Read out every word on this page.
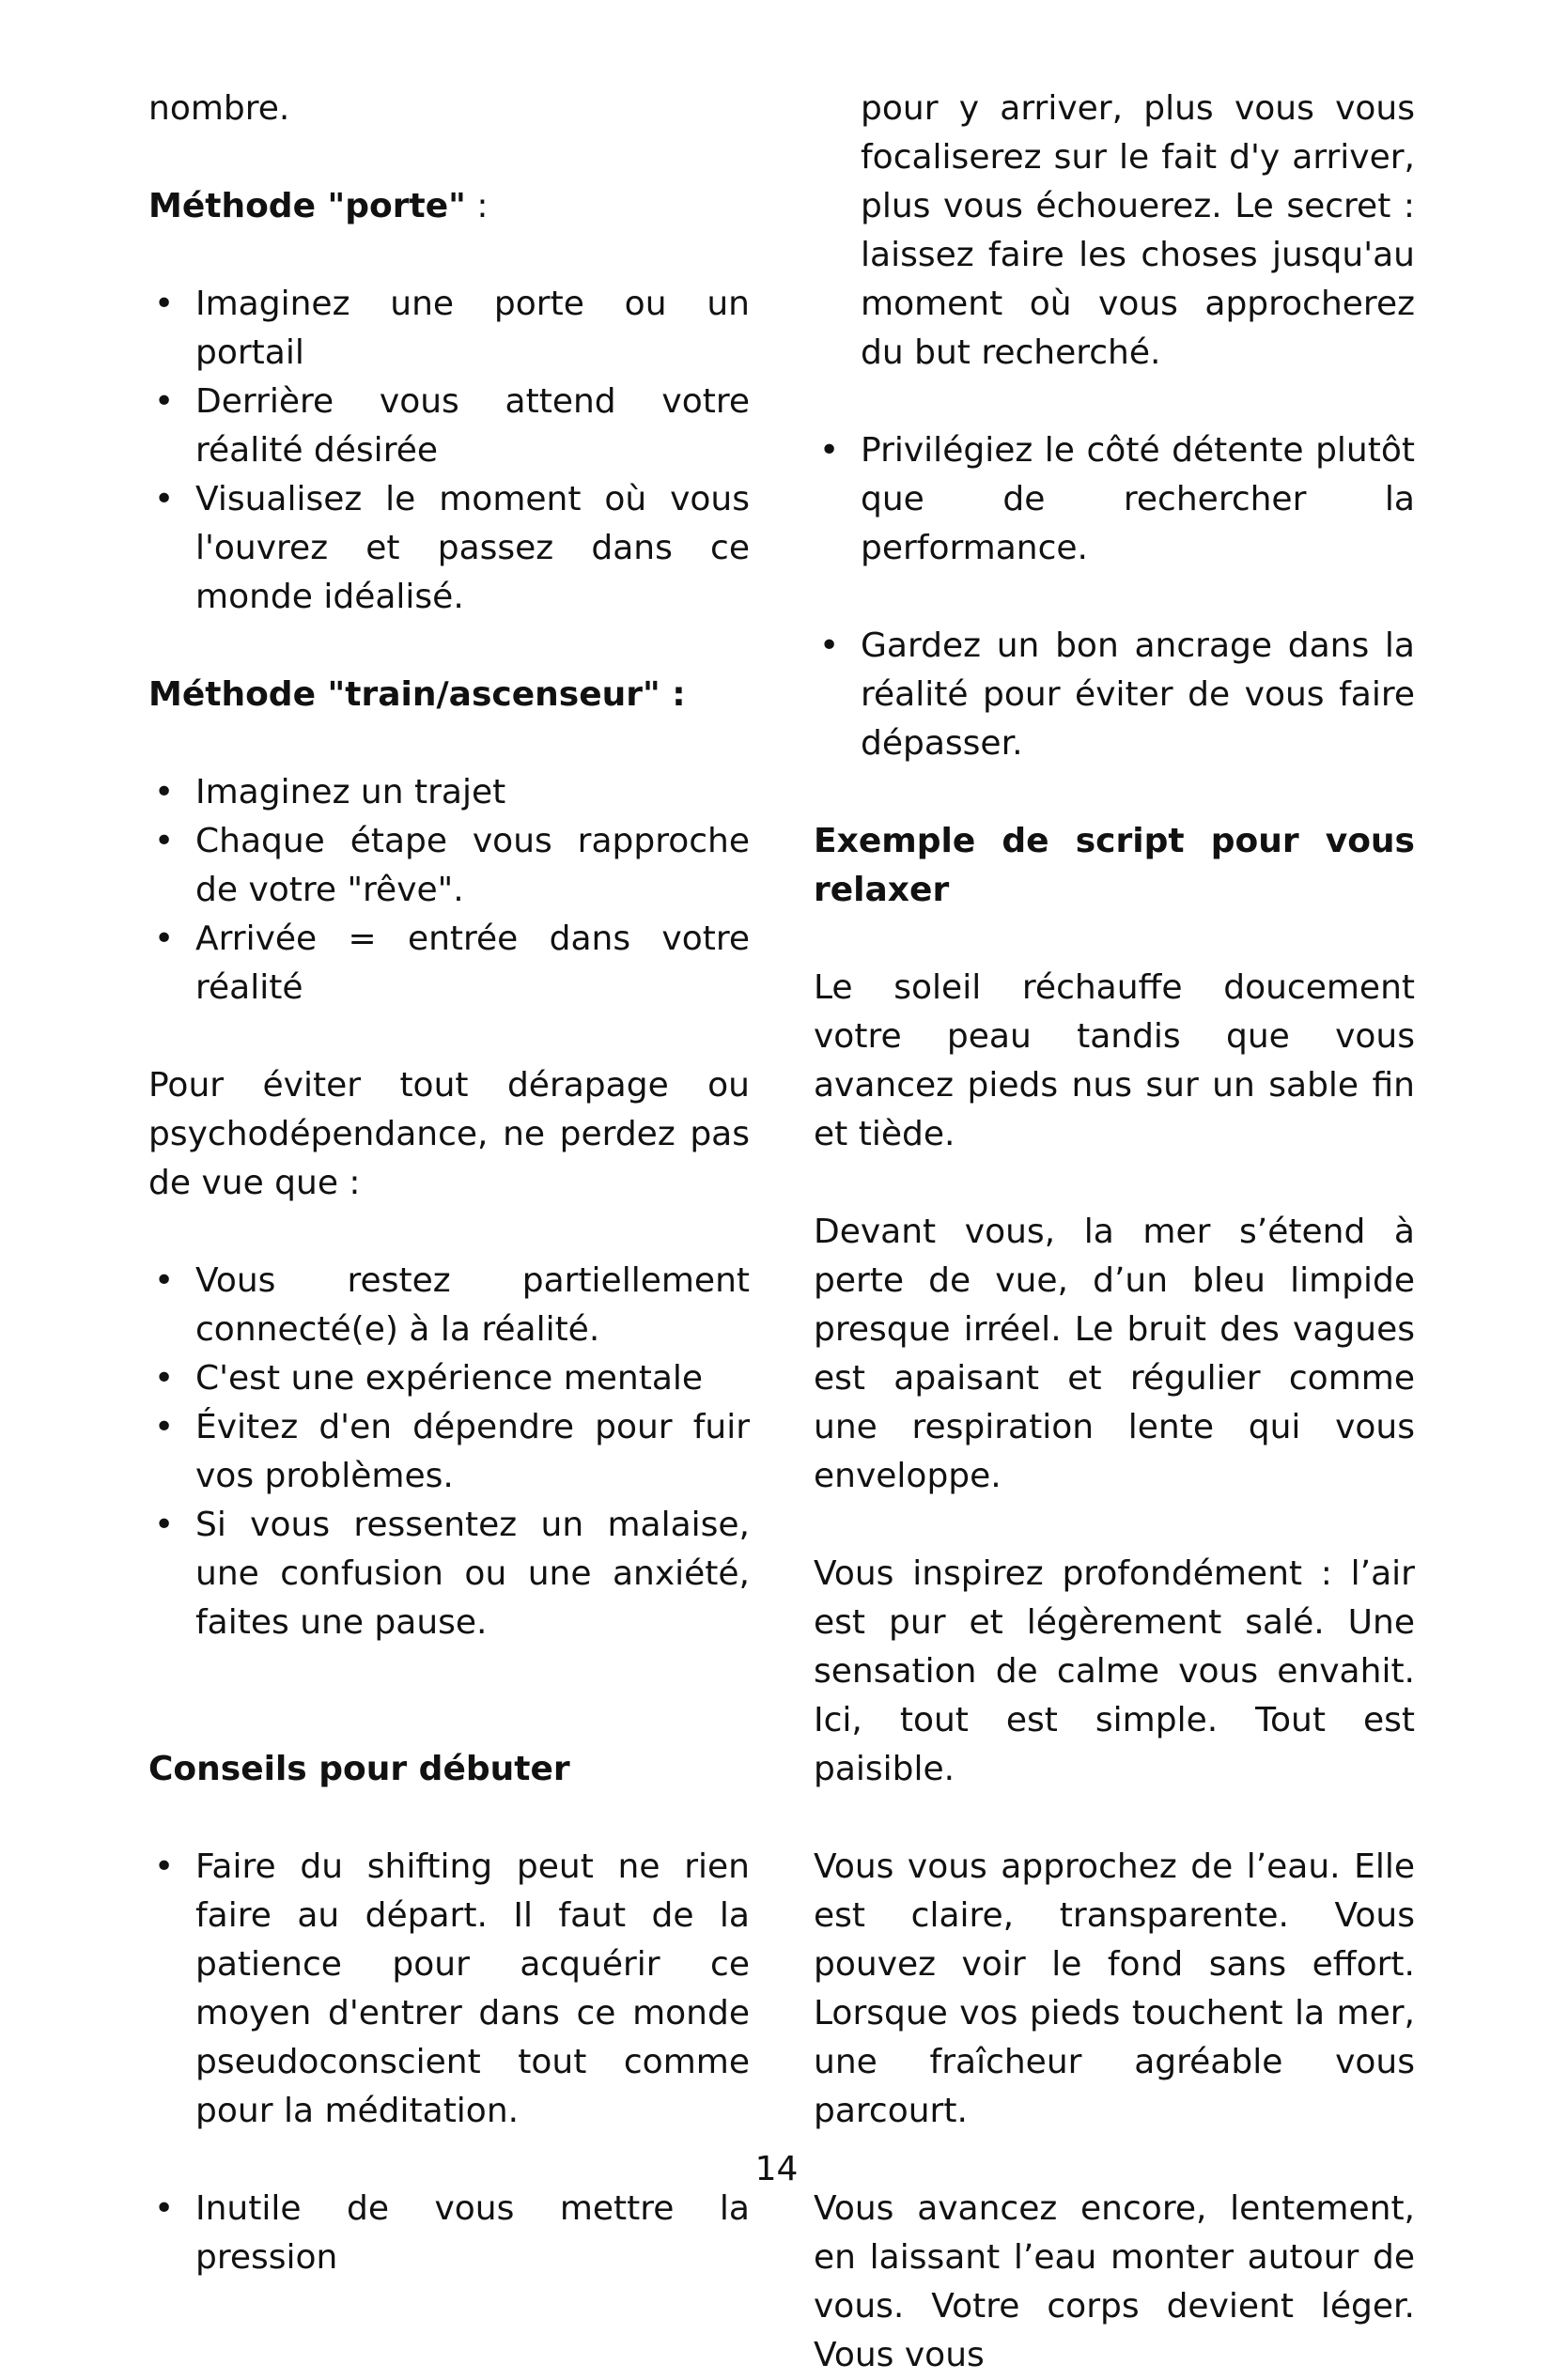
nombre.

Méthode "porte" :

• Imaginez une porte ou un portail
• Derrière vous attend votre réalité désirée
• Visualisez le moment où vous l'ouvrez et passez dans ce monde idéalisé.

Méthode "train/ascenseur" :

• Imaginez un trajet
• Chaque étape vous rapproche de votre "rêve".
• Arrivée = entrée dans votre réalité

Pour éviter tout dérapage ou psychodépendance, ne perdez pas de vue que :

• Vous restez partiellement connecté(e) à la réalité.
• C'est une expérience mentale
• Évitez d'en dépendre pour fuir vos problèmes.
• Si vous ressentez un malaise, une confusion ou une anxiété, faites une pause.

Conseils pour débuter

• Faire du shifting peut ne rien faire au départ. Il faut de la patience pour acquérir ce moyen d'entrer dans ce monde pseudoconscient tout comme pour la méditation.
• Inutile de vous mettre la pression
pour y arriver, plus vous vous focaliserez sur le fait d'y arriver, plus vous échouerez. Le secret : laissez faire les choses jusqu'au moment où vous approcherez du but recherché.
• Privilégiez le côté détente plutôt que de rechercher la performance.
• Gardez un bon ancrage dans la réalité pour éviter de vous faire dépasser.

Exemple de script pour vous relaxer

Le soleil réchauffe doucement votre peau tandis que vous avancez pieds nus sur un sable fin et tiède.

Devant vous, la mer s’étend à perte de vue, d’un bleu limpide presque irréel. Le bruit des vagues est apaisant et régulier comme une respiration lente qui vous enveloppe.

Vous inspirez profondément : l’air est pur et légèrement salé. Une sensation de calme vous envahit. Ici, tout est simple. Tout est paisible.

Vous vous approchez de l’eau. Elle est claire, transparente. Vous pouvez voir le fond sans effort. Lorsque vos pieds touchent la mer, une fraîcheur agréable vous parcourt.

Vous avancez encore, lentement, en laissant l’eau monter autour de vous. Votre corps devient léger. Vous vous

14
